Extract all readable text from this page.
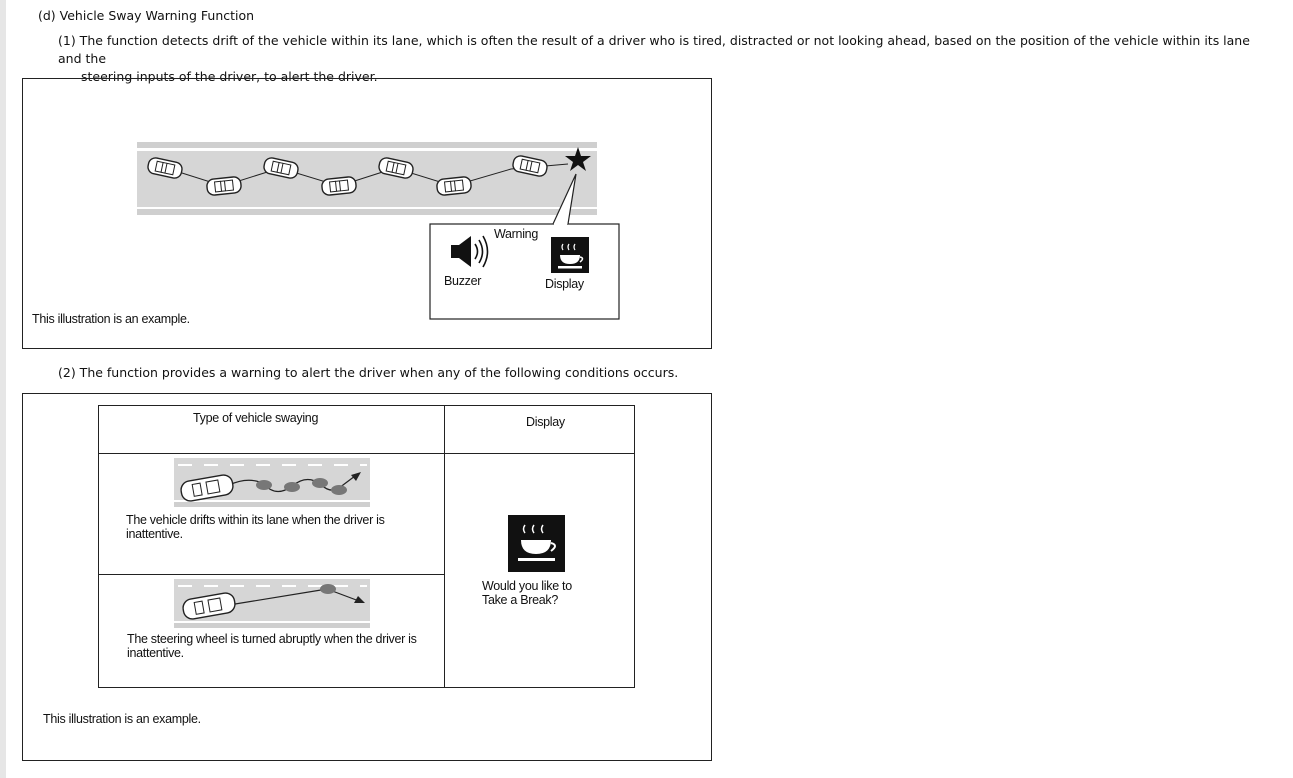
(d) Vehicle Sway Warning Function
(1) The function detects drift of the vehicle within its lane, which is often the result of a driver who is tired, distracted or not looking ahead, based on the position of the vehicle within its lane and the
steering inputs of the driver, to alert the driver.
Warning
Buzzer	Display
This illustration is an example.
(2) The function provides a warning to alert the driver when any of the following conditions occurs.
Type of vehicle swaying	Display

The vehicle drifts within its lane when the driver is inattentive.	Would you like to
Take a Break?

The steering wheel is turned abruptly when the driver is inattentive.	
This illustration is an example.
